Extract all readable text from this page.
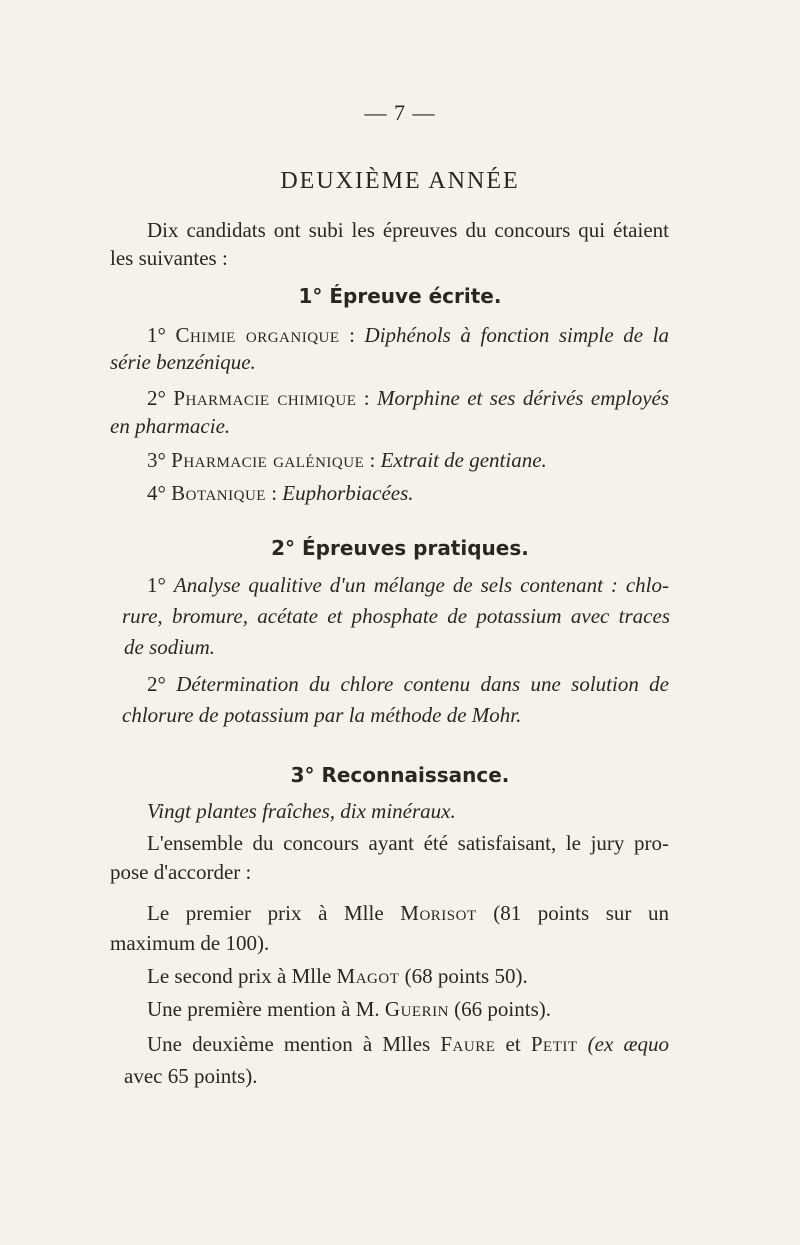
— 7 —
DEUXIÈME ANNÉE
Dix candidats ont subi les épreuves du concours qui étaient
les suivantes :
1° Épreuve écrite.
1° Chimie organique : Diphénols à fonction simple de la
série benzénique.
2° Pharmacie chimique : Morphine et ses dérivés employés
en pharmacie.
3° Pharmacie galénique : Extrait de gentiane.
4° Botanique : Euphorbiacées.
2° Épreuves pratiques.
1° Analyse qualitive d'un mélange de sels contenant : chlo-
rure, bromure, acétate et phosphate de potassium avec traces
de sodium.
2° Détermination du chlore contenu dans une solution de
chlorure de potassium par la méthode de Mohr.
3° Reconnaissance.
Vingt plantes fraîches, dix minéraux.
L'ensemble du concours ayant été satisfaisant, le jury pro-
pose d'accorder :
Le premier prix à Mlle Morisot (81 points sur un
maximum de 100).
Le second prix à Mlle Magot (68 points 50).
Une première mention à M. Guerin (66 points).
Une deuxième mention à Mlles Faure et Petit (ex æquo
avec 65 points).
